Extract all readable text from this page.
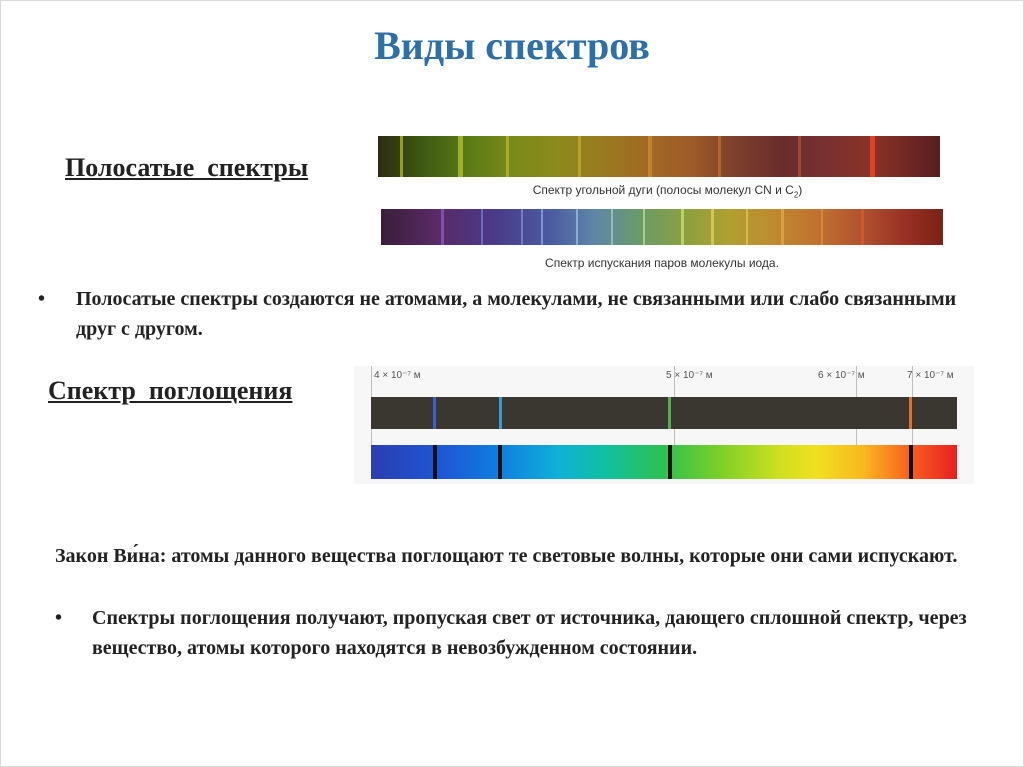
Виды спектров
Полосатые  спектры
Спектр угольной дуги (полосы молекул CN и $C_2$)
Спектр испускания паров молекулы иода.
• Полосатые спектры создаются не атомами, а молекулами, не связанными или слабо связанными друг с другом.
Спектр  поглощения
4 × 10⁻⁷ м	5 × 10⁻⁷ м	6 × 10⁻⁷ м	7 × 10⁻⁷ м
Закон Ви́на: атомы данного вещества поглощают те световые волны, которые они сами испускают.
• Спектры поглощения получают, пропуская свет от источника, дающего сплошной спектр, через вещество, атомы которого находятся в невозбужденном состоянии.
